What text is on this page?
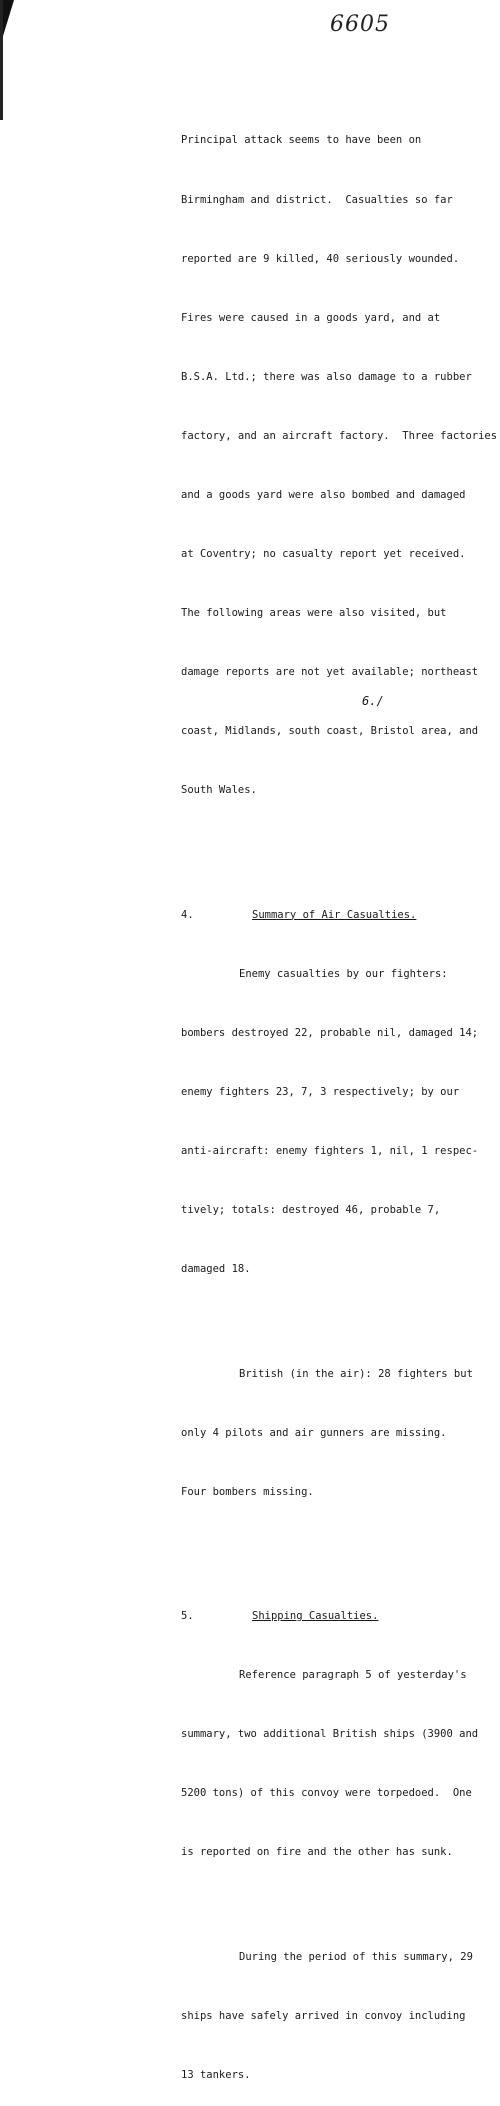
6605

Principal attack seems to have been on

Birmingham and district.  Casualties so far

reported are 9 killed, 40 seriously wounded.

Fires were caused in a goods yard, and at

B.S.A. Ltd.; there was also damage to a rubber

factory, and an aircraft factory.  Three factories

and a goods yard were also bombed and damaged

at Coventry; no casualty report yet received.

The following areas were also visited, but

damage reports are not yet available; northeast

coast, Midlands, south coast, Bristol area, and

South Wales.

4.	Summary of Air Casualties.

Enemy casualties by our fighters:

bombers destroyed 22, probable nil, damaged 14;

enemy fighters 23, 7, 3 respectively; by our

anti-aircraft: enemy fighters 1, nil, 1 respec-

tively; totals: destroyed 46, probable 7,

damaged 18.

British (in the air): 28 fighters but

only 4 pilots and air gunners are missing.

Four bombers missing.

5.	Shipping Casualties.

Reference paragraph 5 of yesterday's

summary, two additional British ships (3900 and

5200 tons) of this convoy were torpedoed.  One

is reported on fire and the other has sunk.

During the period of this summary, 29

ships have safely arrived in convoy including

13 tankers.

6./
